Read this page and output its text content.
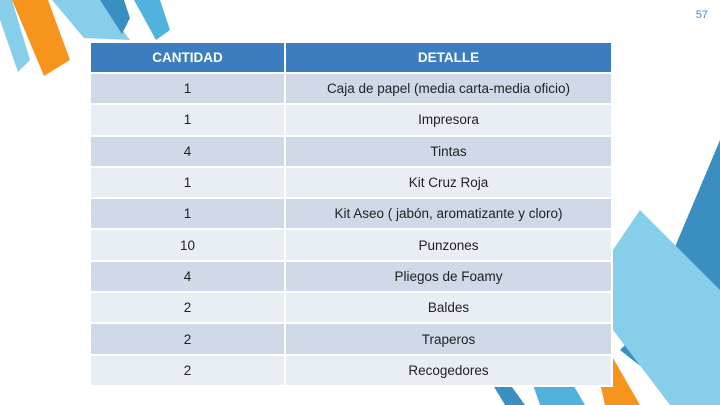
57
CANTIDAD	DETALLE
1	Caja de papel (media carta-media oficio)
1	Impresora
4	Tintas
1	Kit Cruz Roja
1	Kit Aseo ( jabón, aromatizante y cloro)
10	Punzones
4	Pliegos de Foamy
2	Baldes
2	Traperos
2	Recogedores
